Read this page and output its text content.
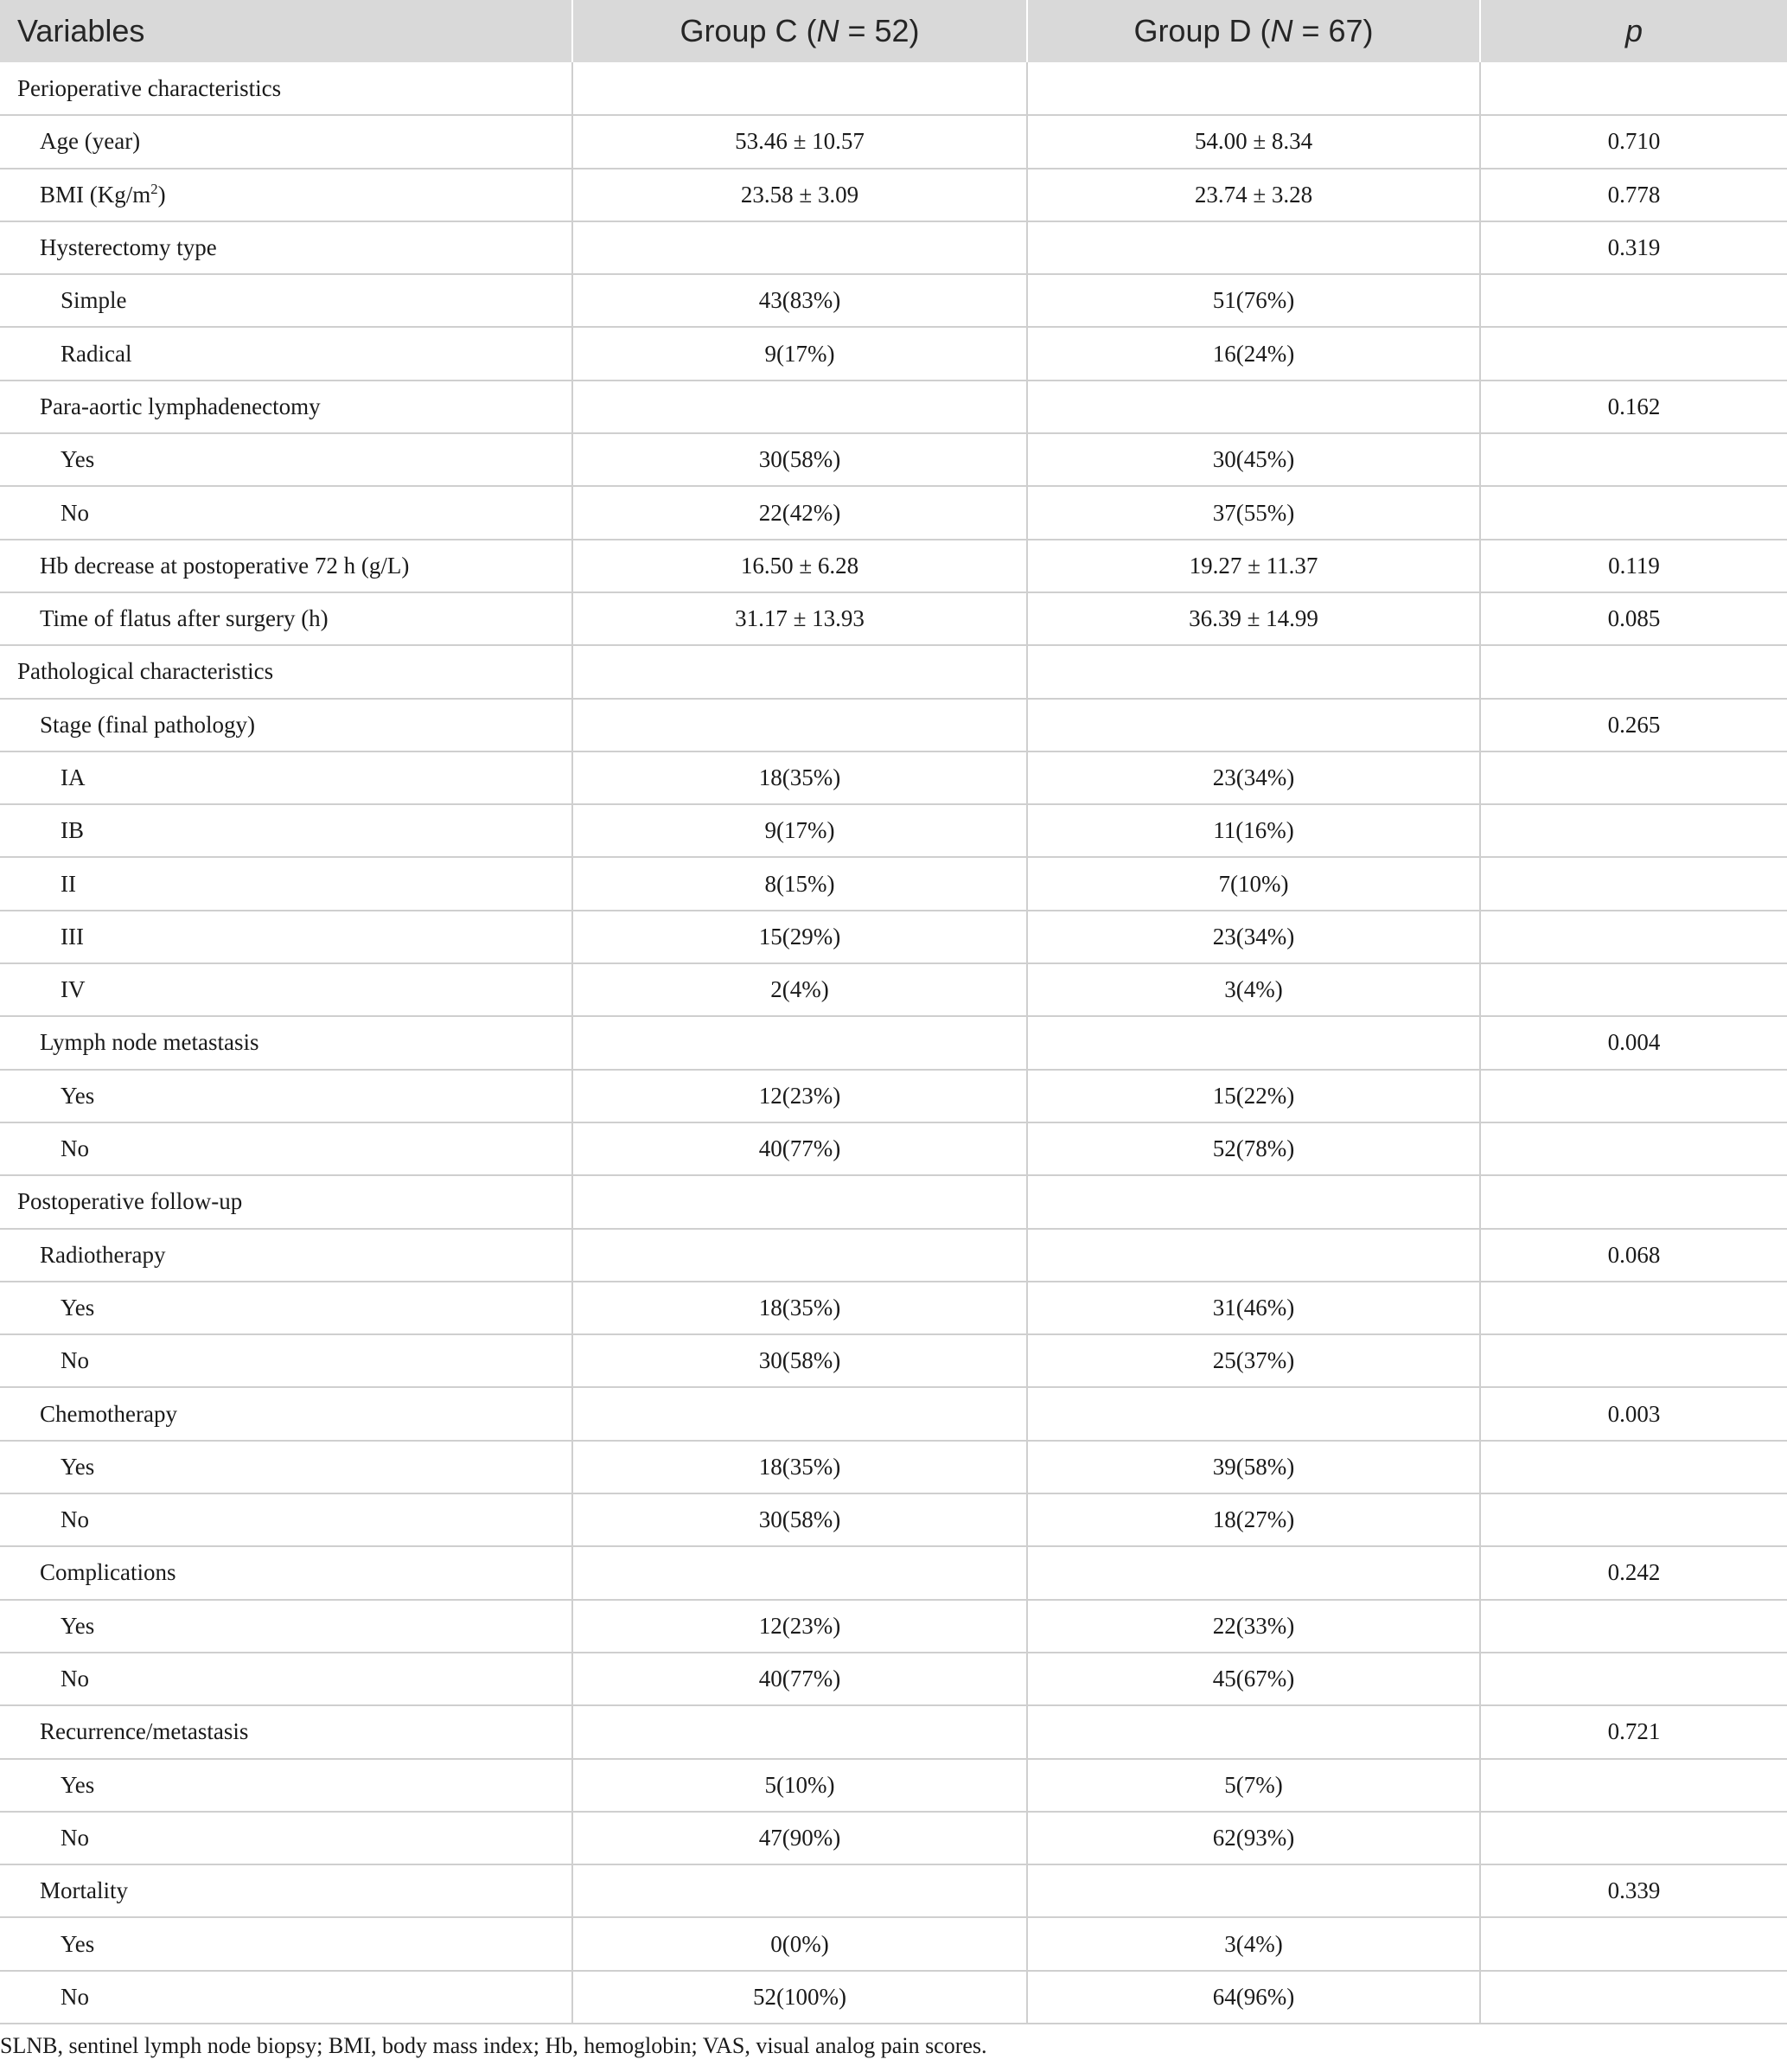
Variables	Group C (N = 52)	Group D (N = 67)	p
Perioperative characteristics			
Age (year)	53.46 ± 10.57	54.00 ± 8.34	0.710
BMI $(Kg/m^2)$	23.58 ± 3.09	23.74 ± 3.28	0.778
Hysterectomy type			0.319
Simple	43(83%)	51(76%)	
Radical	9(17%)	16(24%)	
Para-aortic lymphadenectomy			0.162
Yes	30(58%)	30(45%)	
No	22(42%)	37(55%)	
Hb decrease at postoperative 72 h (g/L)	16.50 ± 6.28	19.27 ± 11.37	0.119
Time of flatus after surgery (h)	31.17 ± 13.93	36.39 ± 14.99	0.085
Pathological characteristics			
Stage (final pathology)			0.265
IA	18(35%)	23(34%)	
IB	9(17%)	11(16%)	
II	8(15%)	7(10%)	
III	15(29%)	23(34%)	
IV	2(4%)	3(4%)	
Lymph node metastasis			0.004
Yes	12(23%)	15(22%)	
No	40(77%)	52(78%)	
Postoperative follow-up			
Radiotherapy			0.068
Yes	18(35%)	31(46%)	
No	30(58%)	25(37%)	
Chemotherapy			0.003
Yes	18(35%)	39(58%)	
No	30(58%)	18(27%)	
Complications			0.242
Yes	12(23%)	22(33%)	
No	40(77%)	45(67%)	
Recurrence/metastasis			0.721
Yes	5(10%)	5(7%)	
No	47(90%)	62(93%)	
Mortality			0.339
Yes	0(0%)	3(4%)	
No	52(100%)	64(96%)	
SLNB, sentinel lymph node biopsy; BMI, body mass index; Hb, hemoglobin; VAS, visual analog pain scores.
